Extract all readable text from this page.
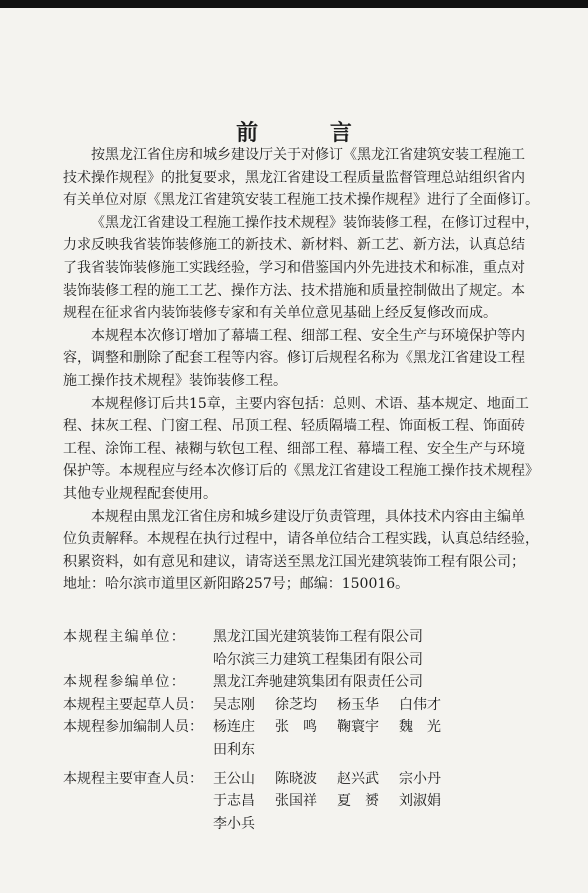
前 言

按黑龙江省住房和城乡建设厅关于对修订《黑龙江省建筑安装工程施工
技术操作规程》的批复要求，黑龙江省建设工程质量监督管理总站组织省内
有关单位对原《黑龙江省建筑安装工程施工技术操作规程》进行了全面修订。

《黑龙江省建设工程施工操作技术规程》装饰装修工程，在修订过程中，
力求反映我省装饰装修施工的新技术、新材料、新工艺、新方法，认真总结
了我省装饰装修施工实践经验，学习和借鉴国内外先进技术和标准，重点对
装饰装修工程的施工工艺、操作方法、技术措施和质量控制做出了规定。本
规程在征求省内装饰装修专家和有关单位意见基础上经反复修改而成。

本规程本次修订增加了幕墙工程、细部工程、安全生产与环境保护等内
容，调整和删除了配套工程等内容。修订后规程名称为《黑龙江省建设工程
施工操作技术规程》装饰装修工程。

本规程修订后共15章，主要内容包括：总则、术语、基本规定、地面工
程、抹灰工程、门窗工程、吊顶工程、轻质隔墙工程、饰面板工程、饰面砖
工程、涂饰工程、裱糊与软包工程、细部工程、幕墙工程、安全生产与环境
保护等。本规程应与经本次修订后的《黑龙江省建设工程施工操作技术规程》
其他专业规程配套使用。

本规程由黑龙江省住房和城乡建设厅负责管理，具体技术内容由主编单
位负责解释。本规程在执行过程中，请各单位结合工程实践，认真总结经验，
积累资料，如有意见和建议，请寄送至黑龙江国光建筑装饰工程有限公司；
地址：哈尔滨市道里区新阳路257号；邮编：150016。

本规程主编单位：	黑龙江国光建筑装饰工程有限公司
哈尔滨三力建筑工程集团有限公司
本规程参编单位：	黑龙江奔驰建筑集团有限责任公司
本规程主要起草人员： 吴志刚	徐芝均	杨玉华	白伟才
本规程参加编制人员： 杨连庄	张　鸣	鞠寰宇	魏　光
田利东
本规程主要审查人员： 王公山	陈晓波	赵兴武	宗小丹
于志昌	张国祥	夏　赟	刘淑娟
李小兵
